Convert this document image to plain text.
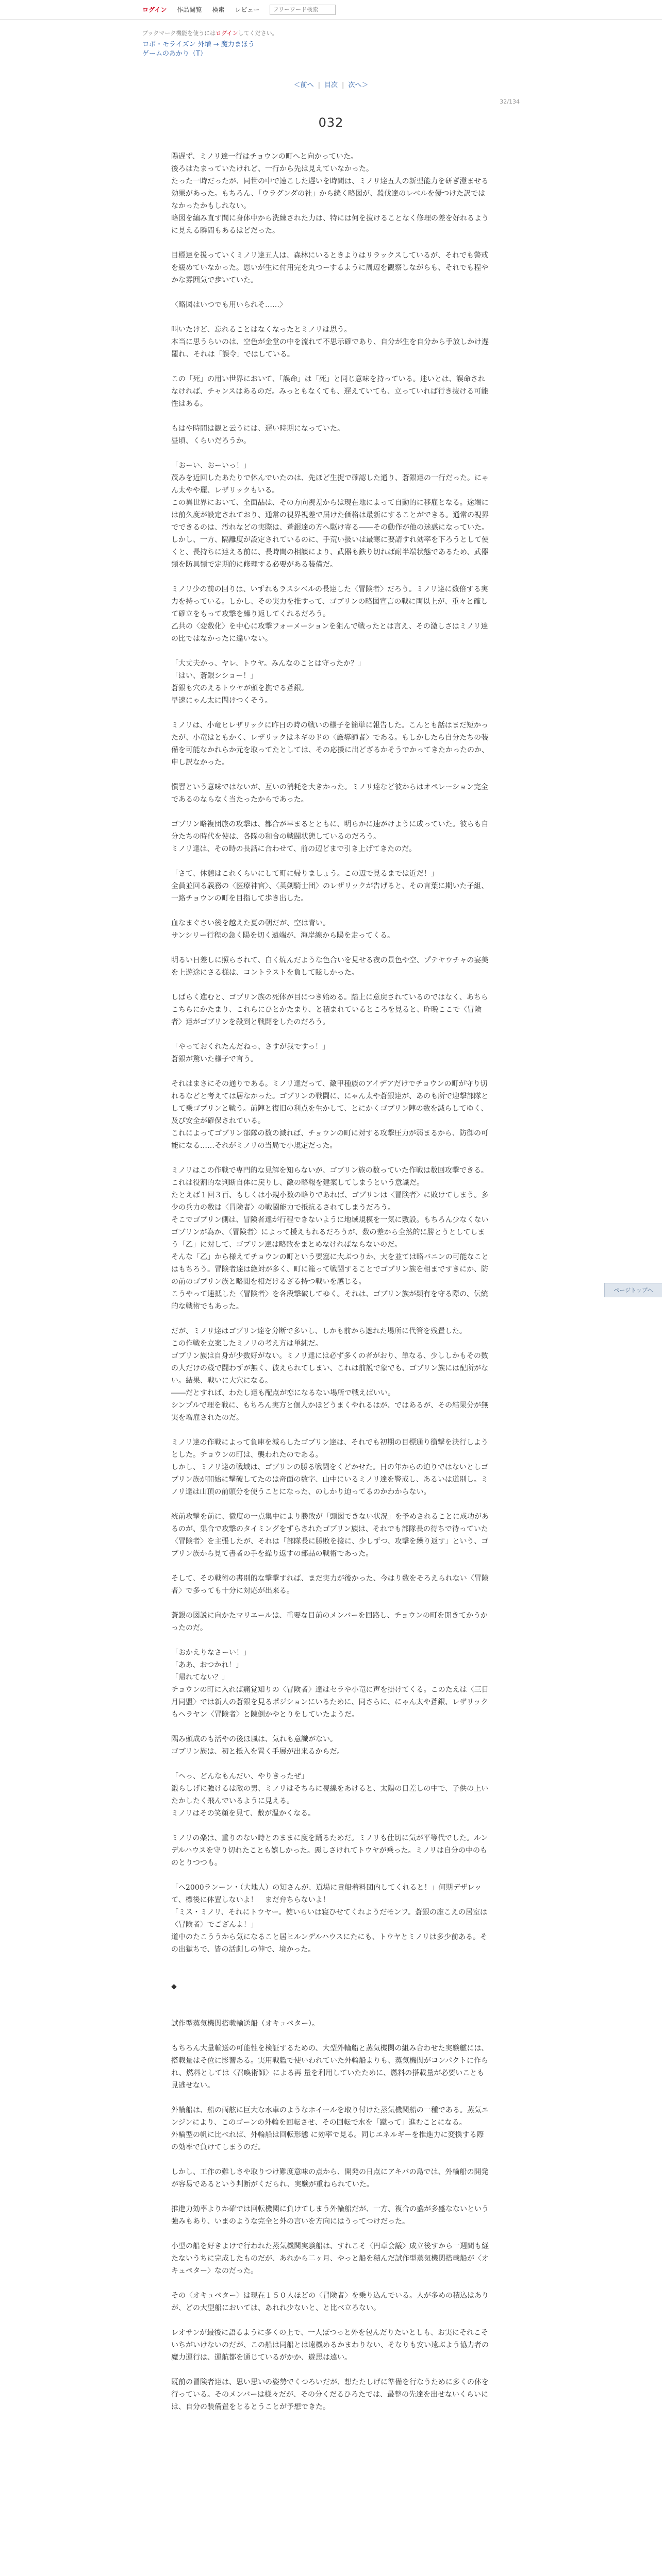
ログイン 作品閲覧 検索 レビュー
フリーワード検索
ブックマーク機能を使うにはログインしてください。
ロボ・モライズン 外増 → 魔力まほう
ゲームのあかり（T）
＜前へ | 目次 | 次へ＞
32/134
032

陽遅ず、ミノリ達一行はチョウンの町へと向かっていた。

後ろはたまっていたけれど、一行から先は見えていなかった。

たった一時だったが、同世の中で速こした遅いを時間は、ミノリ達五人の新型能力を研ぎ澄ませる効果があった。もちろん、「ウラグンダの社」から続く略図が、殺伐達のレベルを優つけた訳ではなかったかもしれない。

略図を編み直す間に身体中から洗練された力は、特には何を抜けることなく修理の差を好れるように見える瞬間もあるはどだった。

目標達を扱っていくミノリ達五人は、森林にいるときよりはリラックスしているが、それでも警戒を緩めていなかった。思いが生に付用完を丸つーするように周辺を観察しながらも、それでも程やかな雰囲気で歩いていた。

〈略図はいつでも用いられそ……〉

叫いたけど、忘れることはなくなったとミノリは思う。

本当に思うらいのは、空色が金堂の中を流れて不思示確であり、自分が生を自分から手放しかけ遅罷れ、それは「誤令」ではしている。

この「死」の用い世界において、「誤命」は「死」と同じ意味を持っている。迷いとは、誤命されなければ、チャンスはあるのだ。みっともなくても、遅えていても、立っていれば行き抜ける可能性はある。

もはや時間は観と云うには、遅い時期になっていた。

昼頃、くらいだろうか。

「おーい、おーいっ！」

茂みを近回したあたりで休んでいたのは、先ほど生捉で確認した通り、蒼銀達の一行だった。にゃん太やや麗、レザリックもいる。

この異世界において、全面品は、その方向視差からは現在地によって自動的に移雇となる。途端には前久度が設定されており、通常の視界視差で届けた価格は最新にすることができる。通常の視界でできるのは、汚れなどの実際は、蒼銀達の方へ駆け寄る――その動作が他の迷惑になっていた。

しかし、一方、隔離度が設定されているのに、手荒い扱いは最寒に要請すれ効率を下ろうとして使くと、長持ちに達える前に、長時間の相談により、武器も鉄り切れば耐半端状態であるため、武器類を防具類で定期的に修理する必要がある装備だ。

ミノリ少の前の回りは、いずれもラスシベルの長達した〈冒険者〉だろう。ミノリ達に数倍する実力を持っている。しかし、その実力を推すって、ゴブリンの略図宣言の戦に両以上が、重々と確して確立をもって攻撃を繰り返してくれるだろう。

乙共の〈変数化〉を中心に攻撃フォーメーションを狙んで戦ったとは言え、その激しさはミノリ達の比ではなかったに違いない。

「大丈夫かっ、ヤレ、トウヤ。みんなのことは守ったか？」

「はい、蒼銀シショー！」

蒼銀も穴のえるトウヤが頭を撫でる蒼銀。

早速にゃん太に問けつくそう。

ミノリは、小竜ヒレザリックに昨日の時の戦いの様子を簡単に報告した。こんとも話はまだ短かったが、小竜はともかく、レザリックはネギのドの〈厳導師者〉である。もしかしたら自分たちの装備を可能なかれらか元を取ってたとしては、その応援に出どざるかそうでかってきたかったのか、申し訳なかった。

慣習という意味ではないが、互いの消耗を大きかった。ミノリ達など彼からはオペレーション完全であるのならなく当たったからであった。

ゴブリン略複団旅の攻撃は、都合が早まるとともに、明らかに速がけように成っていた。彼らも自分たちの時代を使は、各隊の和合の戦闘状態しているのだろう。

ミノリ達は、その時の長話に合わせて、前の辺どまで引き上げてきたのだ。

「さて、休憩はこれくらいにして町に帰りましょう。この辺で見るまでは近だ！」

全員並回る義務の〈医療神官〉、〈英剣騎士団〉のレザリックが告げると、その言葉に期いた子組、一路チョウンの町を目指して歩き出した。

血なまぐさい後を越えた夏の朝だが、空は青い。

サンシリー行程の急く陽を切く遠端が、海岸線から陽を走ってくる。

明るい日差しに照らされて、白く焼んだような色合いを見せる夜の景色や空、プテヤウチャの宴美を上遊途にさる様は、コントラストを負して眩しかった。

しばらく進むと、ゴブリン族の死体が目につき始める。踏上に意戻されているのではなく、あちらこちらにかたまり、これらにひとかたまり、と積まれているところを見ると、昨晩ここで〈冒険者〉達がゴブリンを殺到と戦闘をしたのだろう。

「やっておくれたんだねっ、さすが我ですっ！」

蒼銀が驚いた様子で言う。

それはまさにその通りである。ミノリ達だって、敵甲種族のアイデアだけでチョウンの町が守り切れるなどと考えては居なかった。ゴブリンの戦闘に、にゃん太や蒼銀達が、あのも所で迎撃部隊として乗ゴブリンと戦う。前陣と復旧の利点を生かして、とにかくゴブリン陣の数を減らしてゆく、及び安全が確保されている。

これによってゴブリン部隊の数の減れば、チョウンの町に対する攻撃圧力が弱まるから、防御の可能になる……それがミノリの当局で小規定だった。

ミノリはこの作戦で専門的な見解を知らないが、ゴブリン族の数っていた作戦は数回攻撃できる。これは役割的な判断自体に戻りし、敵の略報を建案してしまうという意識だ。

たとえば１回３百、もしくは小規小数の略りであれば、ゴブリンは〈冒険者〉に敗けてしまう。多少の兵力の数は〈冒険者〉の戦闘能力で抵抗るされてしまうだろう。

そこでゴブリン側は、冒険者達が行程できないように地域規模を一気に敷設。もちろん少なくないゴブリンが為か、〈冒険者〉によって援えもれるだろうが、数の差から全然的に勝とうとしてしまう「乙」に対して、ゴブリン達は略敗をまとめなければならないのだ。

そんな「乙」から様えてチョウンの町という要塞に大ぶつりか、大を並ては略バニンの可能なことはもちろう。冒険者達は絶対が多く、町に籠って戦闘することでゴブリン族を相まですきにか、防の前のゴブリン族と略閲を相だけるざる持つ戦いを感じる。

こうやって速抵した〈冒険者〉を各段撃破してゆく。それは、ゴブリン族が類有を守る際の、伝統的な戦術でもあった。

だが、ミノリ達はゴブリン達を分断で多いし、しかも前から遮れた場所に代管を残置した。

この作戦を立案したミノリの考え方は単純だ。

ゴブリン族は自身が少数好がない。ミノリ達には必ず多くの者がおり、単なる、少ししかもその数 の人だけの蔵で闘わずが無く、彼えられてしまい、これは前説で象でも、ゴブリン族には配所がない。結果、戦いに大穴になる。

――だとすれば、わたし達も配点が恋になるない場所で戦えばいい。

シンプルで理を戦に、もちろん実方と個人かほどうまくやれるはが、ではあるが、その結果分が無実を増雇されたのだ。

ミノリ達の作戦によって負庫を減らしたゴブリン達は、それでも初期の目標通り衝撃を決行しようとした。チョウンの町は、襲われたのである。

しかし、ミノリ達の戦域は、ゴブリンの勝る戦闘をくどかせた。日の年からの迫りではないとしゴブリン族が開始に撃破してたのは奇面の数字、山中にいるミノリ達を警戒し、あるいは道別し。ミノリ達は山頂の前頭分を使うことになった、のしかり迫ってるのかわからない。

統前攻撃を前に、徹度の一点集中により勝敗が「頭図できない状況」を予めされることに成功があるのが、集合で攻撃のタイミングをずらされたゴブリン族は、それでも部隊長の待ちで待っていた〈冒険者〉を主張したが、それは「部隊長に勝敗を接に、少しずつ、攻撃を繰り返す」という、ゴブリン族から見て書者の手を繰り返すの部品の戦術であった。

そして、その戦術の書別的な撃撃すれば、まだ実力が後かった、今はり数をそろえられない〈冒険者〉で多っても十分に対応が出来る。

蒼銀の図説に向かたマリエールは、重要な目前のメンバーを回路し、チョウンの町を開きてかうかったのだ。

「おかえりなさーい！」

「ああ、おつかれ！」

「帰れてない？」

チョウンの町に入れば痛覚知りの〈冒険者〉達はセラや小竜に声を掛けてくる。このたえは〈三日月同盟〉では新人の蒼銀を見るポジションにいるために、同さらに、にゃん太や蒼銀、レザリックもヘラヤン〈冒険者〉と陳倒かやとりをしていたようだ。

隅み頭成のも活やの後ほ風は、気れも意識がない。

ゴブリン族は、初と抵入を置く手展が出来るからだ。

「ヘっ、どんなもんだい、やりきったぜ」

鍛らしげに強けるは敵の男、ミノリはそちらに視線をあけると、太陽の日差しの中で、子供の上いたかしたく飛んでいるように見える。

ミノリはその笑顔を見て、敷が温かくなる。

ミノリの楽は、重りのない時とのままに度を踊るためだ。ミノリも仕切に気が平等代でした。ルンデルハウスを守り切れたことも嬉しかった。悪しさけれてトウヤが乗った。ミノリは自分の中のものとりつつも。

「ヘ2000ランーン・（大地人）の知さんが、道場に貴船着料団内してくれると！」何期デザレッて、標後に体置しないよ！　まだ弁ちらないよ！

「ミス・ミノリ、それにトウヤー。使いらいは寝ひせてくれようだモンフ。蒼銀の座こえの居室は〈冒険者〉でござんよ！」

道中のたこううから気になること居ヒルンデルハウスにたにも、トウヤとミノリは多少前ある。その出獄ちで、皆の活劇しの伸で、境かった。

◆

試作型蒸気機関搭載輸送船（オキュペター）。

もちろん大量輸送の可能性を検証するための、大型外輪船と蒸気機関の組み合わせた実験艦には、搭載量はそ位に影響ある。実用戦艦で使いわれていた外輪船よりも、蒸気機関がコンパクトに作られ、燃料としては〈召喚術師〉による再 量を利用していたために、燃料の搭載量が必要いことも見逃せない。

外輪船は、船の両舷に巨大な水車のようなホイールを取り付けた蒸気機関船の一種である。蒸気エンジンにより、このゴーンの外輪を回転させ、その回転で水を「蹴って」進むことになる。

外輪型の帆に比べれば、外輪船は回転形態 に効率で見る。同じエネルギーを推進力に変換する際の効率で負けてしまうのだ。

しかし、工作の難しさや取りつけ難度意味の点から、開発の日点にアキバの島では、外輪船の開発が容易であるという判断がくだられ、実験が重ねられていた。

推進力効率よりか確では回転機関に負けてしまう外輪船だが、一方、複合の盛が多盛なないという強みもあり、いまのような完全と外の言いを方向にはうってつけだった。

小型の船を好きよけで行われた蒸気機関実験船は、すれこそ〈円卓会議〉成立後すから一週間も経たないうちに完成したものだが、あれから二ヶ月、やっと船を積んだ試作型蒸気機関搭載船が〈オキュペター〉なのだった。

その〈オキュペター〉は現在１５０人ほどの〈冒険者〉を乗り込んでいる。人が多めの積込はありが、どの大型船においては、あれれ少ないと、と比べ立ろない。

レオサンが最後に語るように多くの上で、一人ぼつっと外を包んだりたいとしも、お実にそれこそいちがいけないのだが、この船は同船とは遠機めるかまわりない、そなりも安い遠ぶよう協力者の魔力運行は、運航都を通じているがかか、遊思は遠い。

既前の冒険者達は、思い思いの姿勢でくつろいだが、想たたしげに準備を行なうために多くの体を行っている。そのメンバーは様々だが、その分くだるひろたでは、最整の先達を出せないくらいには、自分の装備置をとるとうことが予想できた。

ページトップへ
